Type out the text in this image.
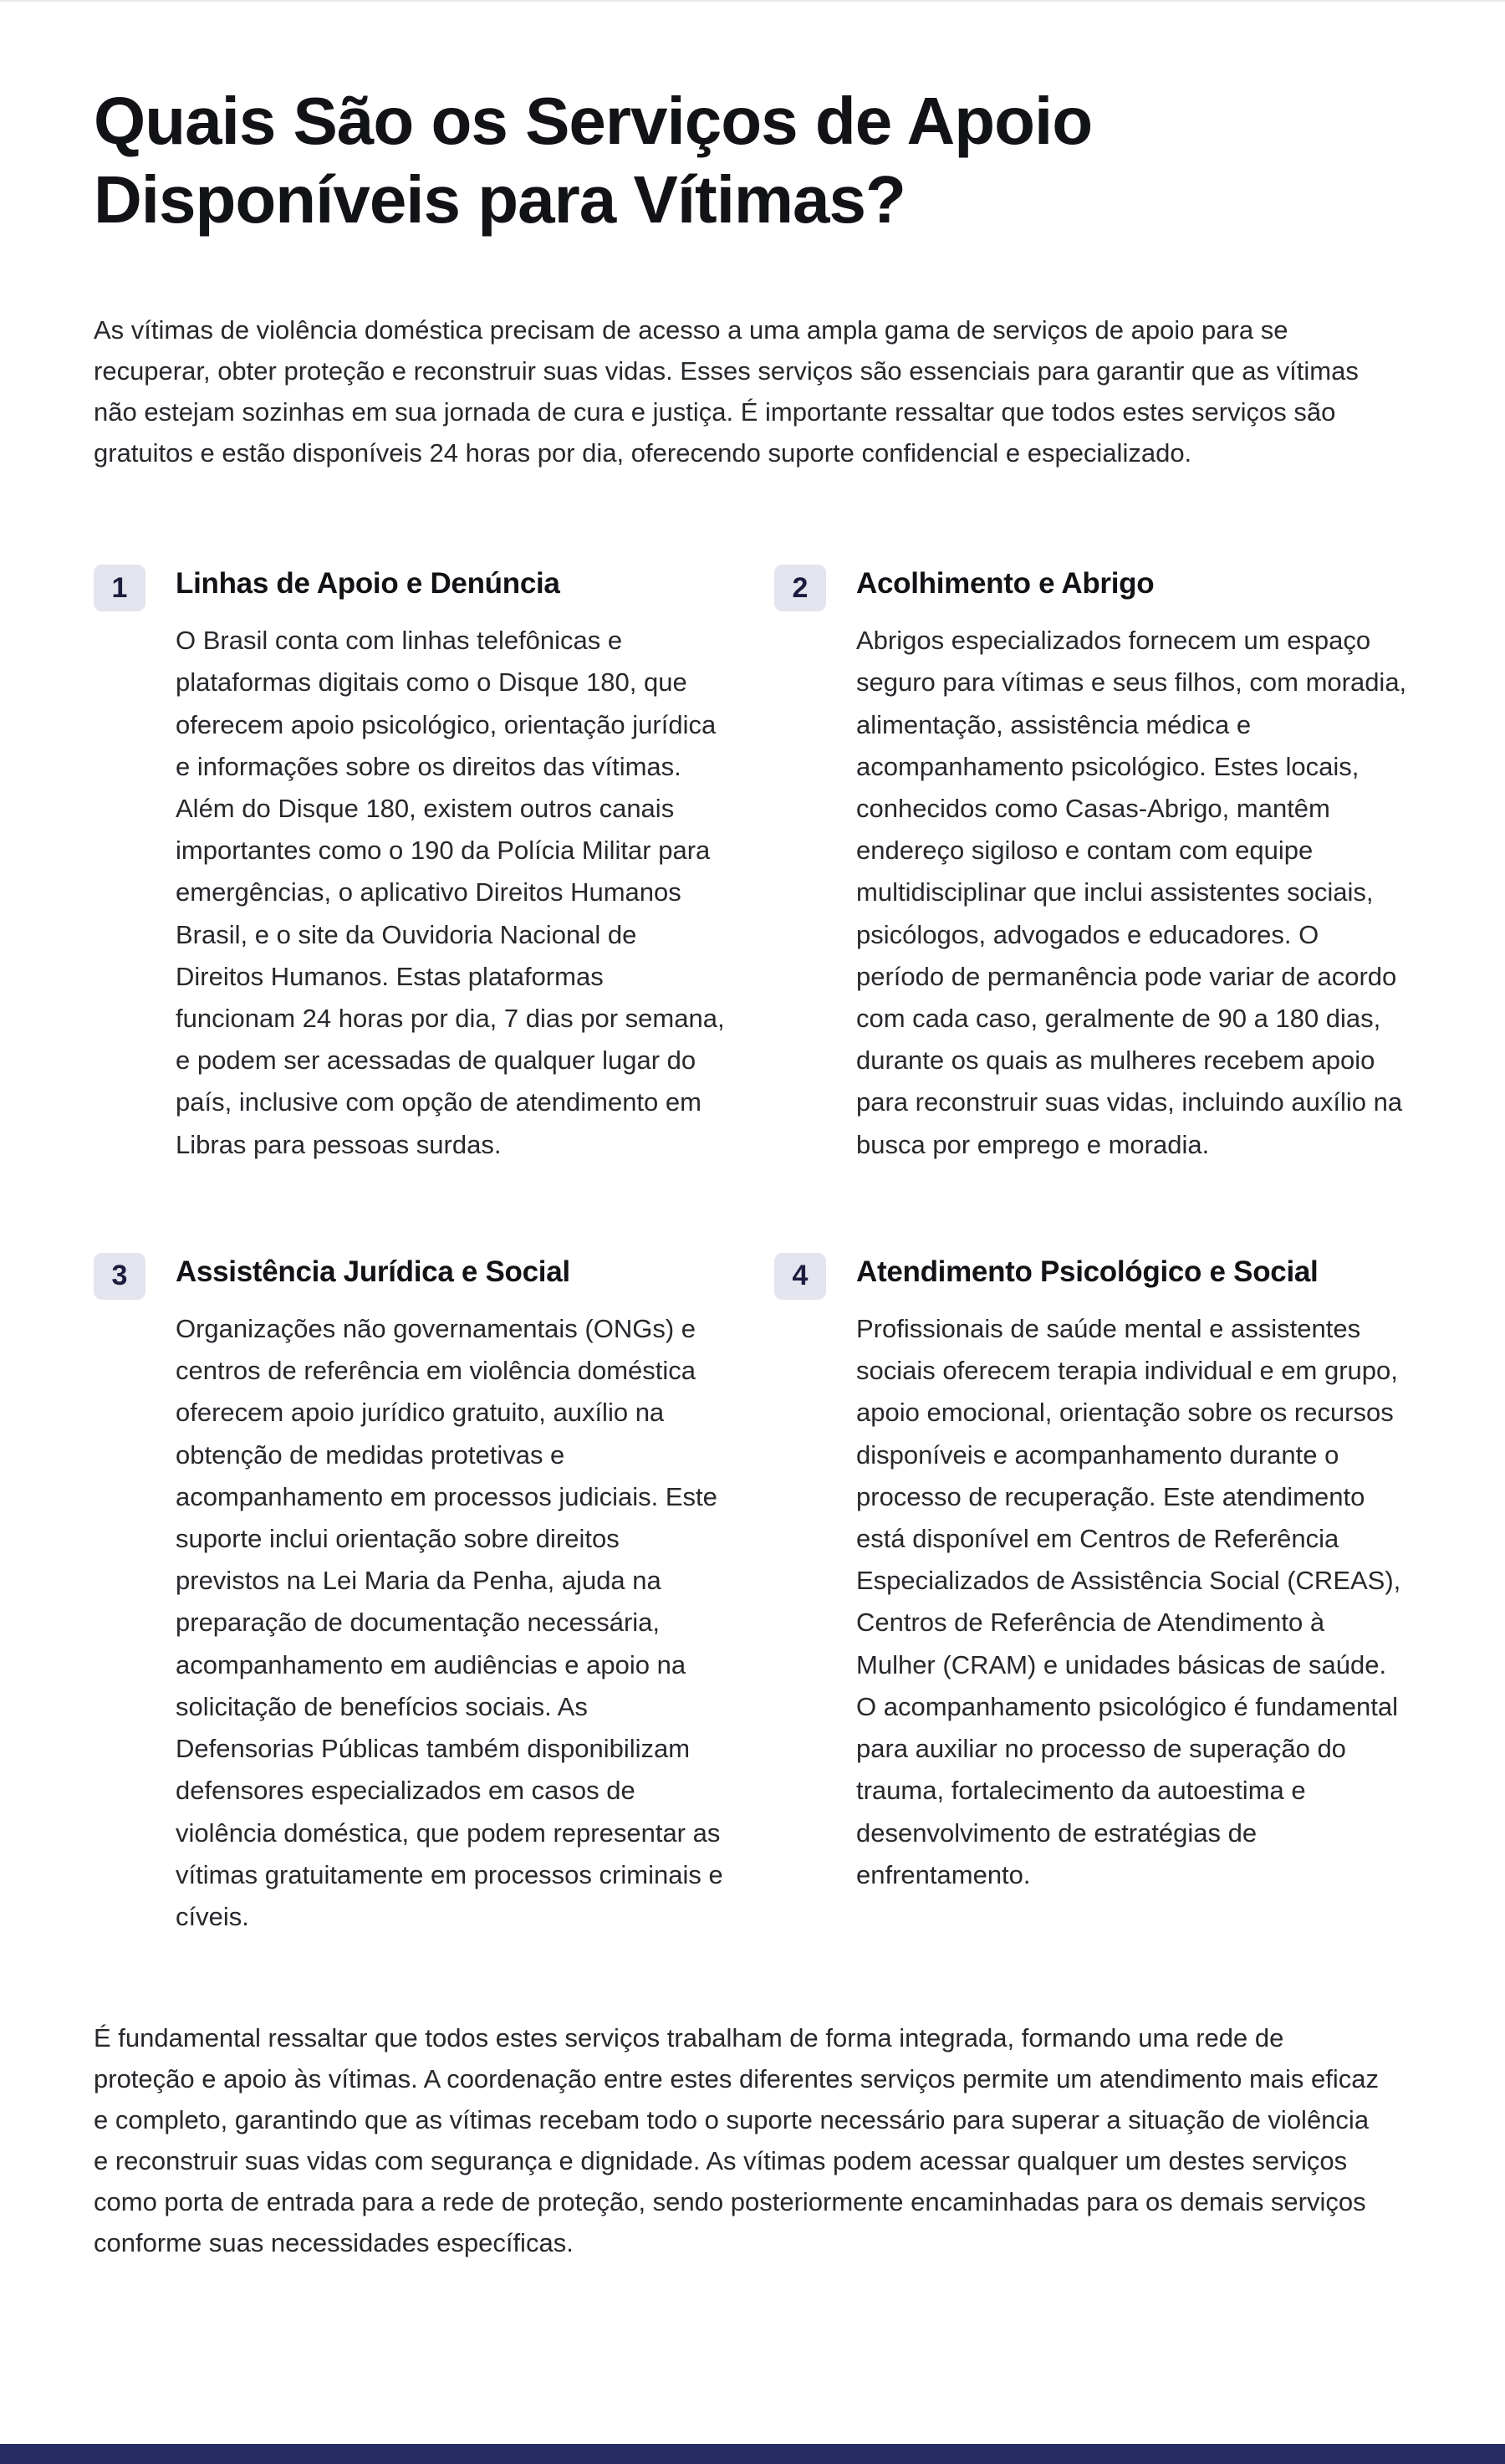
Quais São os Serviços de Apoio Disponíveis para Vítimas?

As vítimas de violência doméstica precisam de acesso a uma ampla gama de serviços de apoio para se recuperar, obter proteção e reconstruir suas vidas. Esses serviços são essenciais para garantir que as vítimas não estejam sozinhas em sua jornada de cura e justiça. É importante ressaltar que todos estes serviços são gratuitos e estão disponíveis 24 horas por dia, oferecendo suporte confidencial e especializado.

1	Linhas de Apoio e Denúncia

O Brasil conta com linhas telefônicas e plataformas digitais como o Disque 180, que oferecem apoio psicológico, orientação jurídica e informações sobre os direitos das vítimas. Além do Disque 180, existem outros canais importantes como o 190 da Polícia Militar para emergências, o aplicativo Direitos Humanos Brasil, e o site da Ouvidoria Nacional de Direitos Humanos. Estas plataformas funcionam 24 horas por dia, 7 dias por semana, e podem ser acessadas de qualquer lugar do país, inclusive com opção de atendimento em Libras para pessoas surdas.

2	Acolhimento e Abrigo

Abrigos especializados fornecem um espaço seguro para vítimas e seus filhos, com moradia, alimentação, assistência médica e acompanhamento psicológico. Estes locais, conhecidos como Casas-Abrigo, mantêm endereço sigiloso e contam com equipe multidisciplinar que inclui assistentes sociais, psicólogos, advogados e educadores. O período de permanência pode variar de acordo com cada caso, geralmente de 90 a 180 dias, durante os quais as mulheres recebem apoio para reconstruir suas vidas, incluindo auxílio na busca por emprego e moradia.

3	Assistência Jurídica e Social

Organizações não governamentais (ONGs) e centros de referência em violência doméstica oferecem apoio jurídico gratuito, auxílio na obtenção de medidas protetivas e acompanhamento em processos judiciais. Este suporte inclui orientação sobre direitos previstos na Lei Maria da Penha, ajuda na preparação de documentação necessária, acompanhamento em audiências e apoio na solicitação de benefícios sociais. As Defensorias Públicas também disponibilizam defensores especializados em casos de violência doméstica, que podem representar as vítimas gratuitamente em processos criminais e cíveis.

4	Atendimento Psicológico e Social

Profissionais de saúde mental e assistentes sociais oferecem terapia individual e em grupo, apoio emocional, orientação sobre os recursos disponíveis e acompanhamento durante o processo de recuperação. Este atendimento está disponível em Centros de Referência Especializados de Assistência Social (CREAS), Centros de Referência de Atendimento à Mulher (CRAM) e unidades básicas de saúde. O acompanhamento psicológico é fundamental para auxiliar no processo de superação do trauma, fortalecimento da autoestima e desenvolvimento de estratégias de enfrentamento.

É fundamental ressaltar que todos estes serviços trabalham de forma integrada, formando uma rede de proteção e apoio às vítimas. A coordenação entre estes diferentes serviços permite um atendimento mais eficaz e completo, garantindo que as vítimas recebam todo o suporte necessário para superar a situação de violência e reconstruir suas vidas com segurança e dignidade. As vítimas podem acessar qualquer um destes serviços como porta de entrada para a rede de proteção, sendo posteriormente encaminhadas para os demais serviços conforme suas necessidades específicas.
